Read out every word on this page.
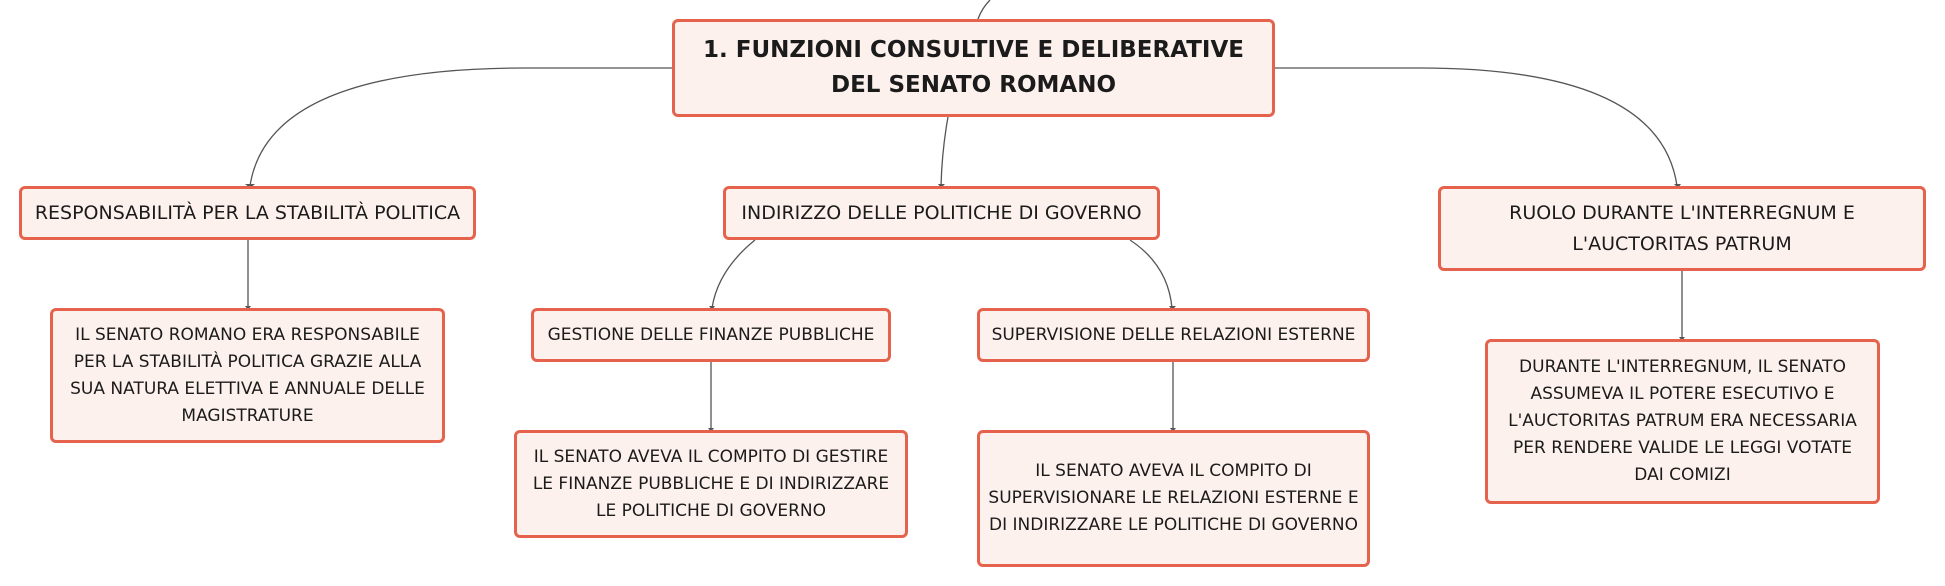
1. FUNZIONI CONSULTIVE E DELIBERATIVE DEL SENATO ROMANO
RESPONSABILITÀ PER LA STABILITÀ POLITICA	INDIRIZZO DELLE POLITICHE DI GOVERNO	RUOLO DURANTE L'INTERREGNUM E L'AUCTORITAS PATRUM
GESTIONE DELLE FINANZE PUBBLICHE	SUPERVISIONE DELLE RELAZIONI ESTERNE
IL SENATO ROMANO ERA RESPONSABILE PER LA STABILITÀ POLITICA GRAZIE ALLA SUA NATURA ELETTIVA E ANNUALE DELLE MAGISTRATURE
IL SENATO AVEVA IL COMPITO DI GESTIRE LE FINANZE PUBBLICHE E DI INDIRIZZARE LE POLITICHE DI GOVERNO
IL SENATO AVEVA IL COMPITO DI SUPERVISIONARE LE RELAZIONI ESTERNE E DI INDIRIZZARE LE POLITICHE DI GOVERNO
DURANTE L'INTERREGNUM, IL SENATO ASSUMEVA IL POTERE ESECUTIVO E L'AUCTORITAS PATRUM ERA NECESSARIA PER RENDERE VALIDE LE LEGGI VOTATE DAI COMIZI
